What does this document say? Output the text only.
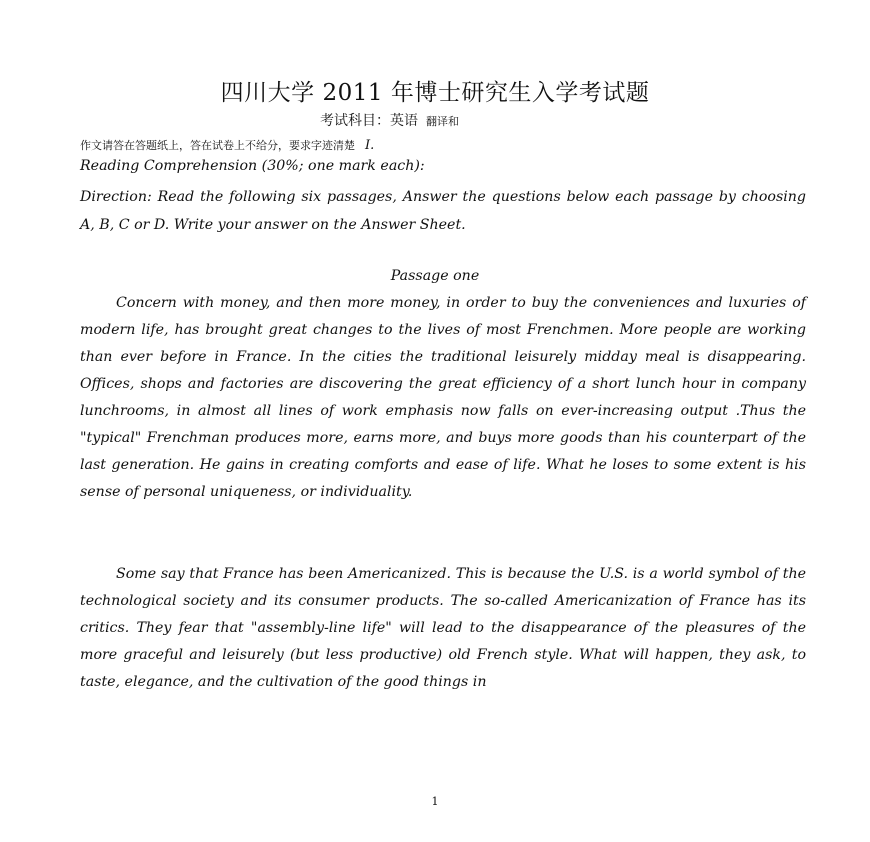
四川大学 2011 年博士研究生入学考试题
考试科目：英语 翻译和
作文请答在答题纸上，答在试卷上不给分，要求字迹清楚 I.
Reading Comprehension (30%; one mark each):
Direction: Read the following six passages, Answer the questions below each passage by choosing A, B, C or D. Write your answer on the Answer Sheet.
Passage one

Concern with money, and then more money, in order to buy the conveniences and luxuries of modern life, has brought great changes to the lives of most Frenchmen. More people are working than ever before in France. In the cities the traditional leisurely midday meal is disappearing. Offices, shops and factories are discovering the great efficiency of a short lunch hour in company lunchrooms, in almost all lines of work emphasis now falls on ever-increasing output .Thus the "typical" Frenchman produces more, earns more, and buys more goods than his counterpart of the last generation. He gains in creating comforts and ease of life. What he loses to some extent is his sense of personal uniqueness, or individuality.

Some say that France has been Americanized. This is because the U.S. is a world symbol of the technological society and its consumer products. The so-called Americanization of France has its critics. They fear that "assembly-line life" will lead to the disappearance of the pleasures of the more graceful and leisurely (but less productive) old French style. What will happen, they ask, to taste, elegance, and the cultivation of the good things in

1
